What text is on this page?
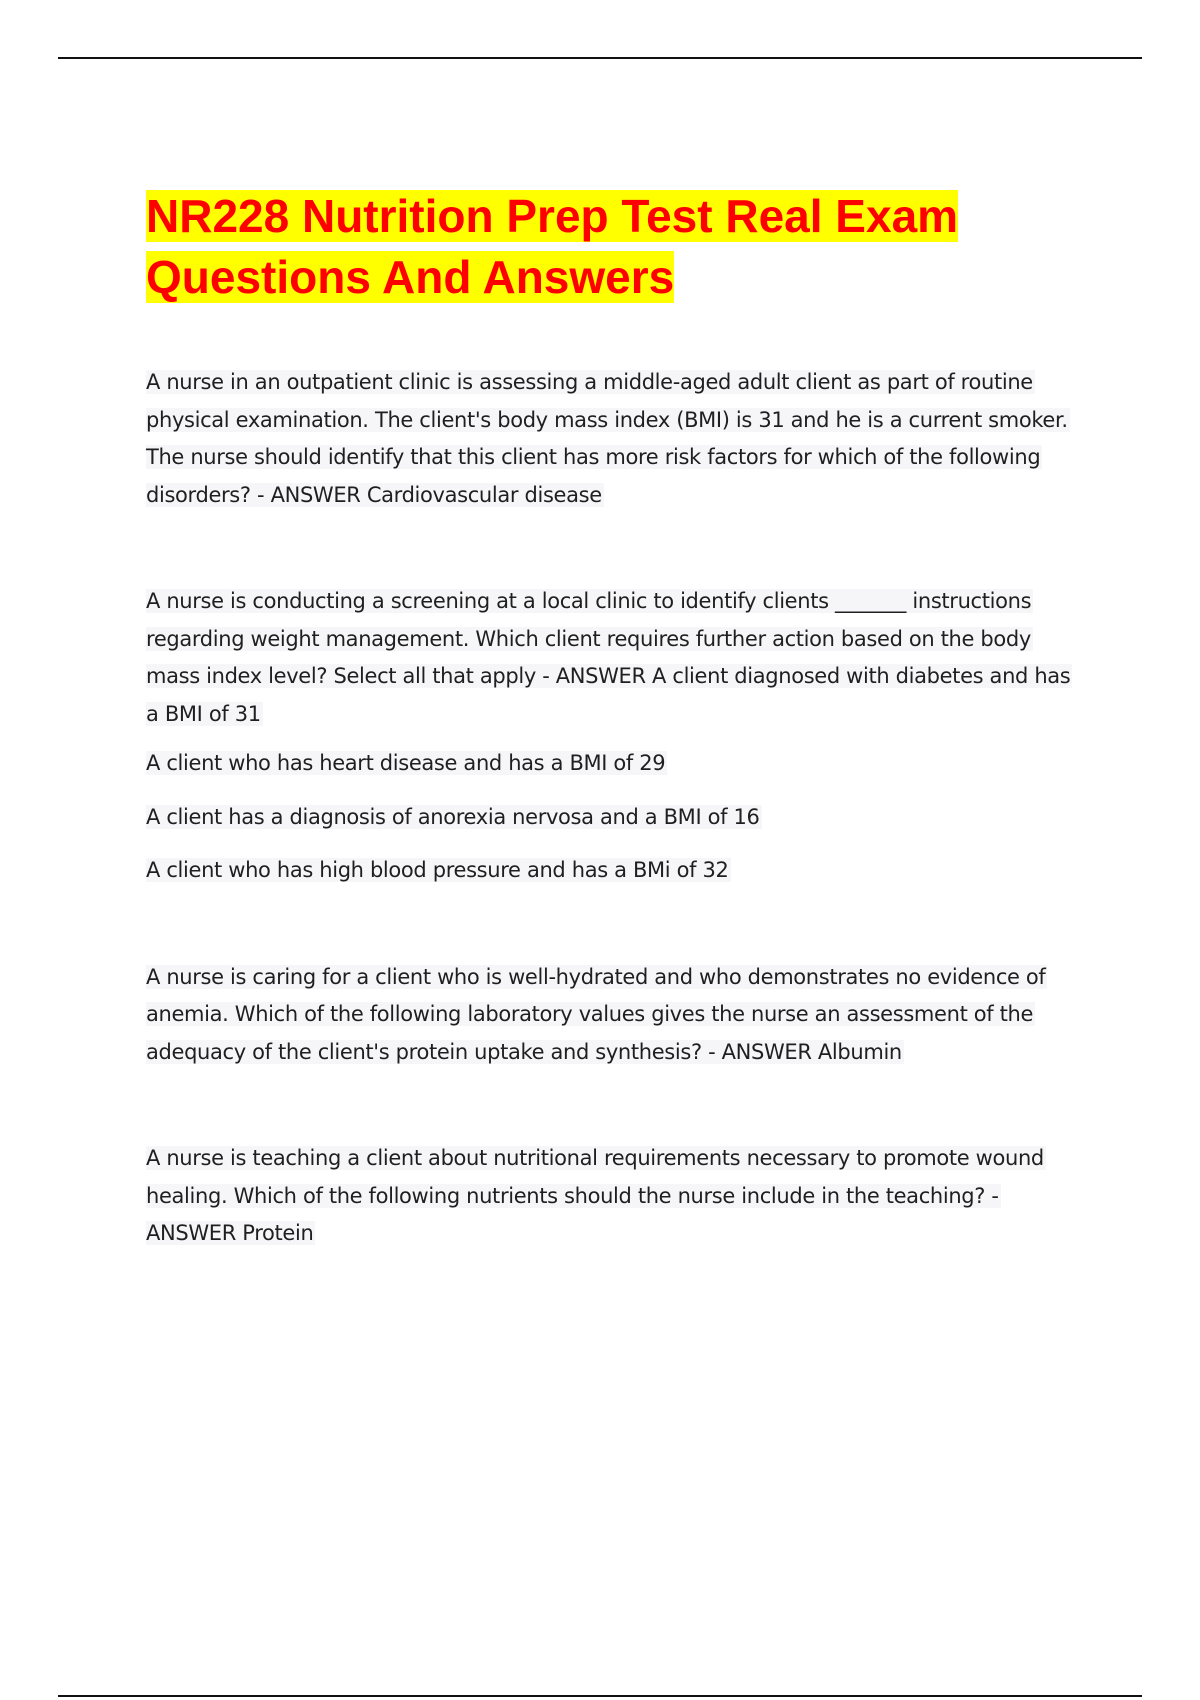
NR228 Nutrition Prep Test Real Exam Questions And Answers

A nurse in an outpatient clinic is assessing a middle-aged adult client as part of routine physical examination. The client's body mass index (BMI) is 31 and he is a current smoker. The nurse should identify that this client has more risk factors for which of the following disorders? - ANSWER Cardiovascular disease

A nurse is conducting a screening at a local clinic to identify clients _______ instructions regarding weight management. Which client requires further action based on the body mass index level? Select all that apply - ANSWER A client diagnosed with diabetes and has a BMI of 31

A client who has heart disease and has a BMI of 29

A client has a diagnosis of anorexia nervosa and a BMI of 16

A client who has high blood pressure and has a BMi of 32

A nurse is caring for a client who is well-hydrated and who demonstrates no evidence of anemia. Which of the following laboratory values gives the nurse an assessment of the adequacy of the client's protein uptake and synthesis? - ANSWER Albumin

A nurse is teaching a client about nutritional requirements necessary to promote wound healing. Which of the following nutrients should the nurse include in the teaching? - ANSWER Protein
